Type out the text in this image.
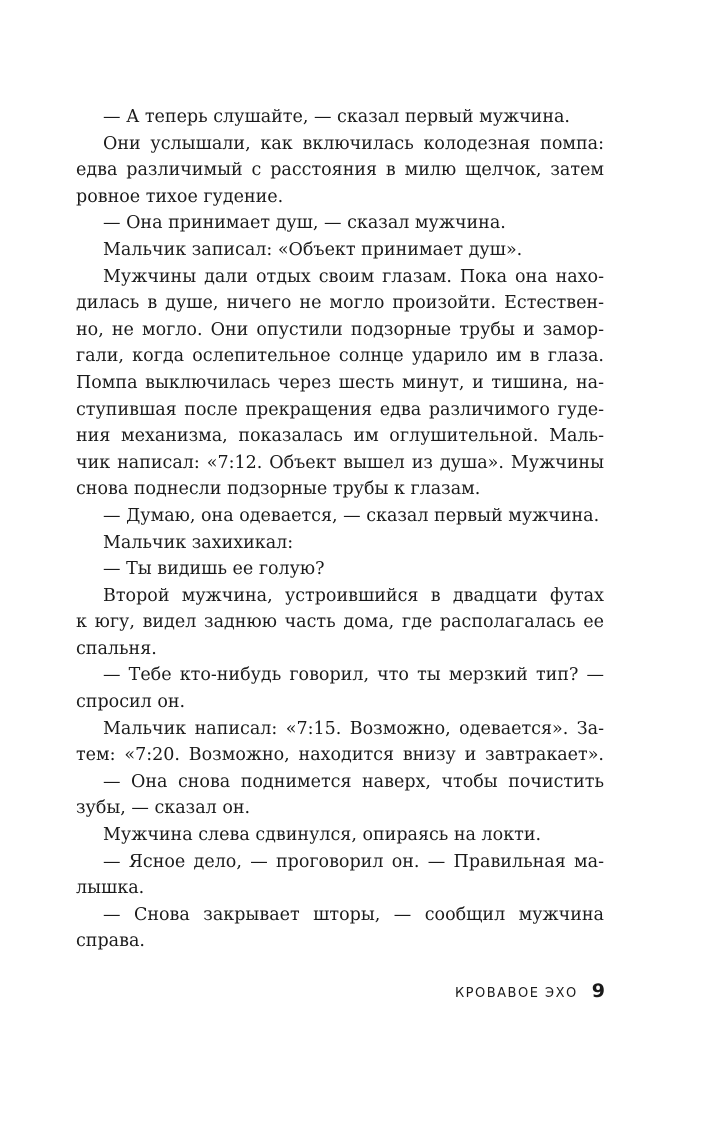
— А теперь слушайте, — сказал первый мужчина.
Они услышали, как включилась колодезная помпа:
едва различимый с расстояния в милю щелчок, затем
ровное тихое гудение.
— Она принимает душ, — сказал мужчина.
Мальчик записал: «Объект принимает душ».
Мужчины дали отдых своим глазам. Пока она нахо-
дилась в душе, ничего не могло произойти. Естествен-
но, не могло. Они опустили подзорные трубы и замор-
гали, когда ослепительное солнце ударило им в глаза.
Помпа выключилась через шесть минут, и тишина, на-
ступившая после прекращения едва различимого гуде-
ния механизма, показалась им оглушительной. Маль-
чик написал: «7:12. Объект вышел из душа». Мужчины
снова поднесли подзорные трубы к глазам.
— Думаю, она одевается, — сказал первый мужчина.
Мальчик захихикал:
— Ты видишь ее голую?
Второй мужчина, устроившийся в двадцати футах
к югу, видел заднюю часть дома, где располагалась ее
спальня.
— Тебе кто-нибудь говорил, что ты мерзкий тип? —
спросил он.
Мальчик написал: «7:15. Возможно, одевается». За-
тем: «7:20. Возможно, находится внизу и завтракает».
— Она снова поднимется наверх, чтобы почистить
зубы, — сказал он.
Мужчина слева сдвинулся, опираясь на локти.
— Ясное дело, — проговорил он. — Правильная ма-
лышка.
— Снова закрывает шторы, — сообщил мужчина
справа.
КРОВАВОЕ ЭХО 9
